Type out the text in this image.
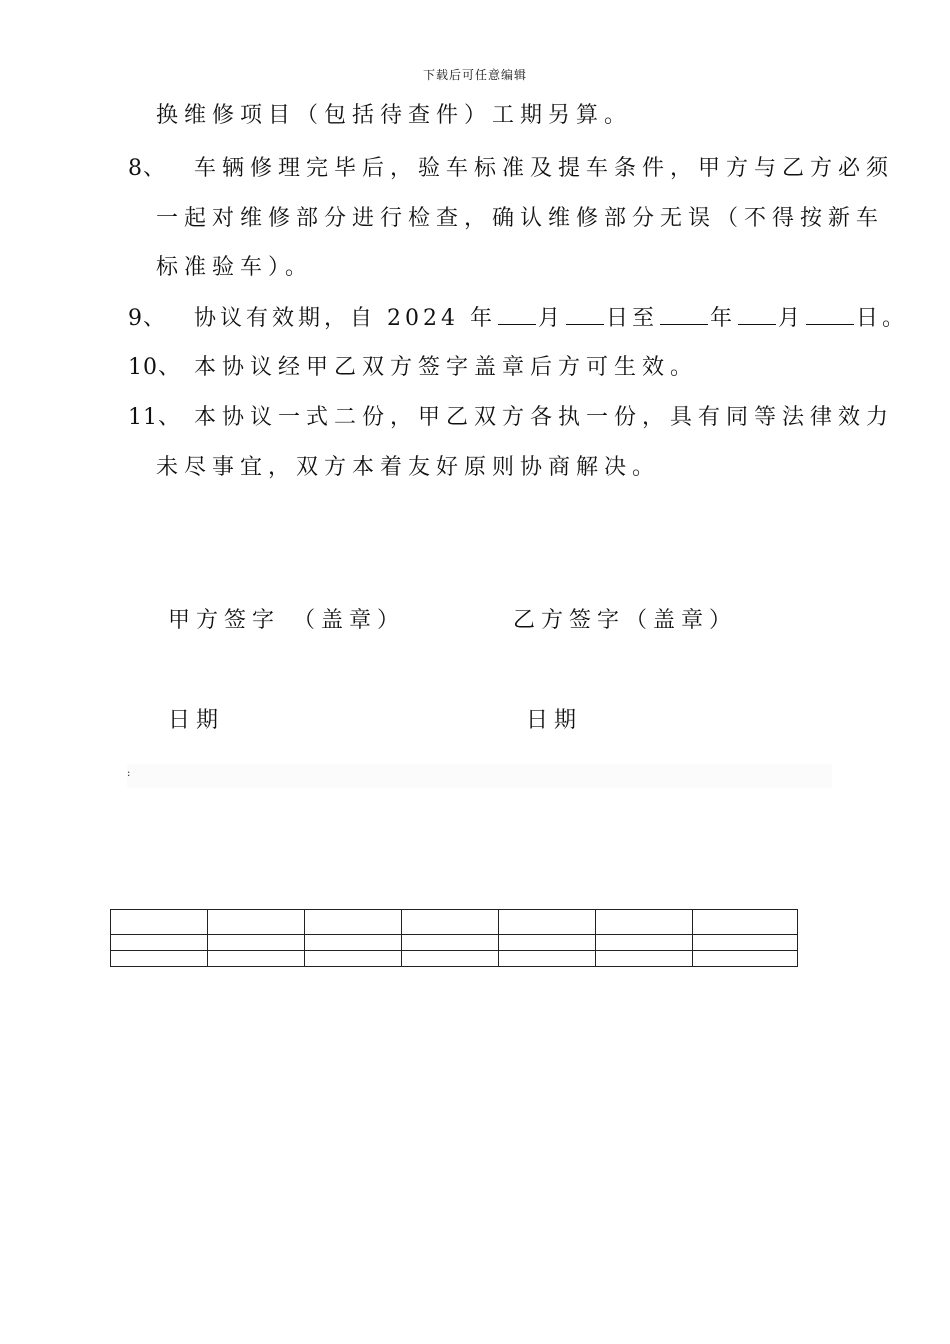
下载后可任意编辑
换维修项目（包括待查件）工期另算。
8、 车辆修理完毕后，验车标准及提车条件，甲方与乙方必须
一起对维修部分进行检查，确认维修部分无误（不得按新车
标准验车）。
9、 协议有效期，自 2024 年 月 日至 年 月 日。
10、 本协议经甲乙双方签字盖章后方可生效。
11、 本协议一式二份，甲乙双方各执一份，具有同等法律效力
未尽事宜，双方本着友好原则协商解决。
甲方签字 （盖章）	乙方签字（盖章）
日期	日期
:
